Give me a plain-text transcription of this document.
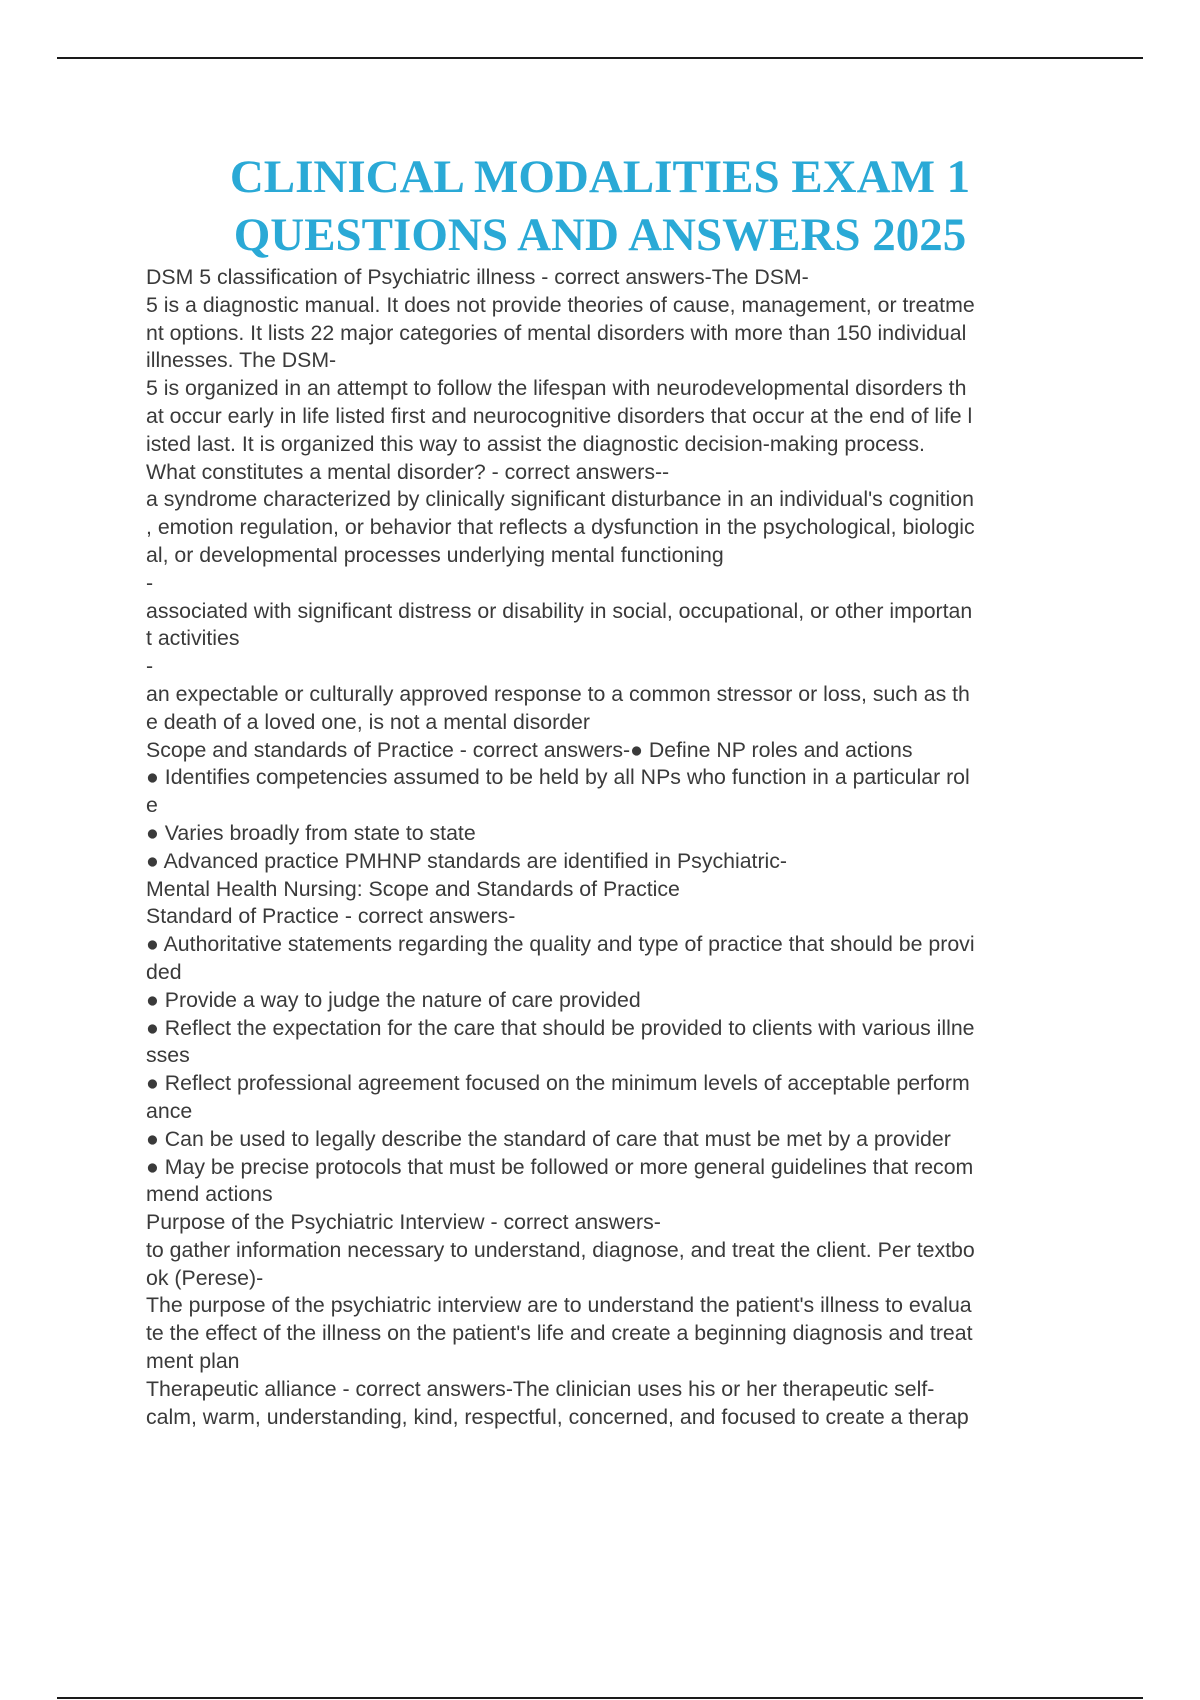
CLINICAL MODALITIES EXAM 1
QUESTIONS AND ANSWERS 2025
DSM 5 classification of Psychiatric illness - correct answers-The DSM-
5 is a diagnostic manual. It does not provide theories of cause, management, or treatme
nt options. It lists 22 major categories of mental disorders with more than 150 individual
illnesses. The DSM-
5 is organized in an attempt to follow the lifespan with neurodevelopmental disorders th
at occur early in life listed first and neurocognitive disorders that occur at the end of life l
isted last. It is organized this way to assist the diagnostic decision-making process.
What constitutes a mental disorder? - correct answers--
a syndrome characterized by clinically significant disturbance in an individual's cognition
, emotion regulation, or behavior that reflects a dysfunction in the psychological, biologic
al, or developmental processes underlying mental functioning
-
associated with significant distress or disability in social, occupational, or other importan
t activities
-
an expectable or culturally approved response to a common stressor or loss, such as th
e death of a loved one, is not a mental disorder
Scope and standards of Practice - correct answers-● Define NP roles and actions
● Identifies competencies assumed to be held by all NPs who function in a particular rol
e
● Varies broadly from state to state
● Advanced practice PMHNP standards are identified in Psychiatric-
Mental Health Nursing: Scope and Standards of Practice
Standard of Practice - correct answers-
● Authoritative statements regarding the quality and type of practice that should be provi
ded
● Provide a way to judge the nature of care provided
● Reflect the expectation for the care that should be provided to clients with various illne
sses
● Reflect professional agreement focused on the minimum levels of acceptable perform
ance
● Can be used to legally describe the standard of care that must be met by a provider
● May be precise protocols that must be followed or more general guidelines that recom
mend actions
Purpose of the Psychiatric Interview - correct answers-
to gather information necessary to understand, diagnose, and treat the client. Per textbo
ok (Perese)-
The purpose of the psychiatric interview are to understand the patient's illness to evalua
te the effect of the illness on the patient's life and create a beginning diagnosis and treat
ment plan
Therapeutic alliance - correct answers-The clinician uses his or her therapeutic self-
calm, warm, understanding, kind, respectful, concerned, and focused to create a therap
